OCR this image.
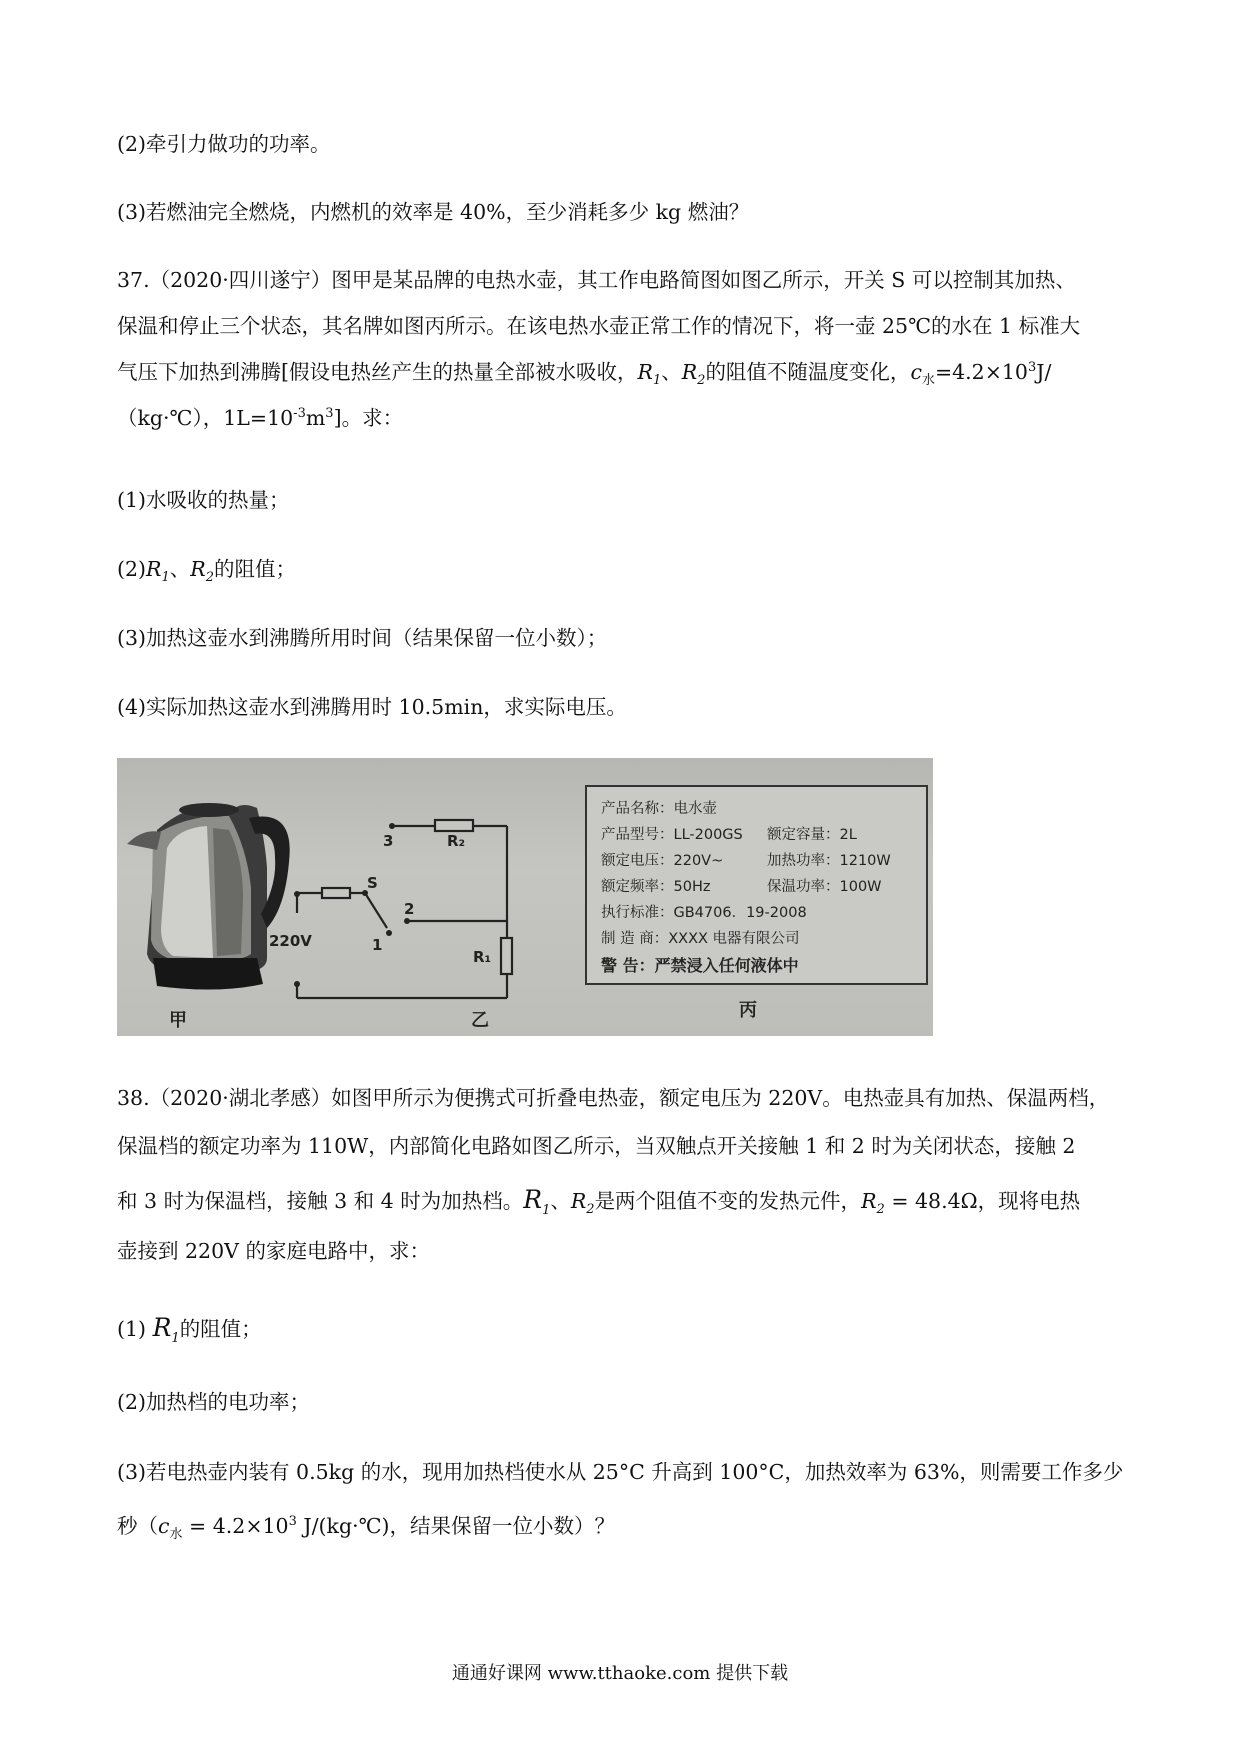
(2)牵引力做功的功率。
(3)若燃油完全燃烧，内燃机的效率是 40%，至少消耗多少 kg 燃油？
37.（2020·四川遂宁）图甲是某品牌的电热水壶，其工作电路简图如图乙所示，开关 S 可以控制其加热、
保温和停止三个状态，其名牌如图丙所示。在该电热水壶正常工作的情况下，将一壶 25℃的水在 1 标准大
气压下加热到沸腾[假设电热丝产生的热量全部被水吸收，$R_1$、$R_2$的阻值不随温度变化，$c_水=4.2\times 10^3J/$
（kg·℃），$1L=10^{-3}m^3$]。求：
(1)水吸收的热量；
$(2)R_1$、$R_2$的阻值；
(3)加热这壶水到沸腾所用时间（结果保留一位小数）；
(4)实际加热这壶水到沸腾用时 10.5min，求实际电压。
3	R₂
S
2
1
220V
R₁
产品名称：电水壶
产品型号：LL-200GS 额定容量：2L
额定电压：220V~	加热功率：1210W
额定频率：50Hz	保温功率：100W
执行标准：GB4706．19-2008
制 造 商：XXXX 电器有限公司
警 告：严禁浸入任何液体中
甲	乙	丙
38.（2020·湖北孝感）如图甲所示为便携式可折叠电热壶，额定电压为 220V。电热壶具有加热、保温两档，
保温档的额定功率为 110W，内部简化电路如图乙所示，当双触点开关接触 1 和 2 时为关闭状态，接触 2
和 3 时为保温档，接触 3 和 4 时为加热档。$R_1$、$R_2$是两个阻值不变的发热元件，$R_2 = 48.4\Omega$，现将电热
壶接到 220V 的家庭电路中，求：
(1) $R_1$的阻值；
(2)加热档的电功率；
(3)若电热壶内装有 0.5kg 的水，现用加热档使水从 25°C 升高到 100°C，加热效率为 63%，则需要工作多少
秒（$c_水 = 4.2\times 10^3$ J/(kg·℃)，结果保留一位小数）？
通通好课网 www.tthaoke.com 提供下载
